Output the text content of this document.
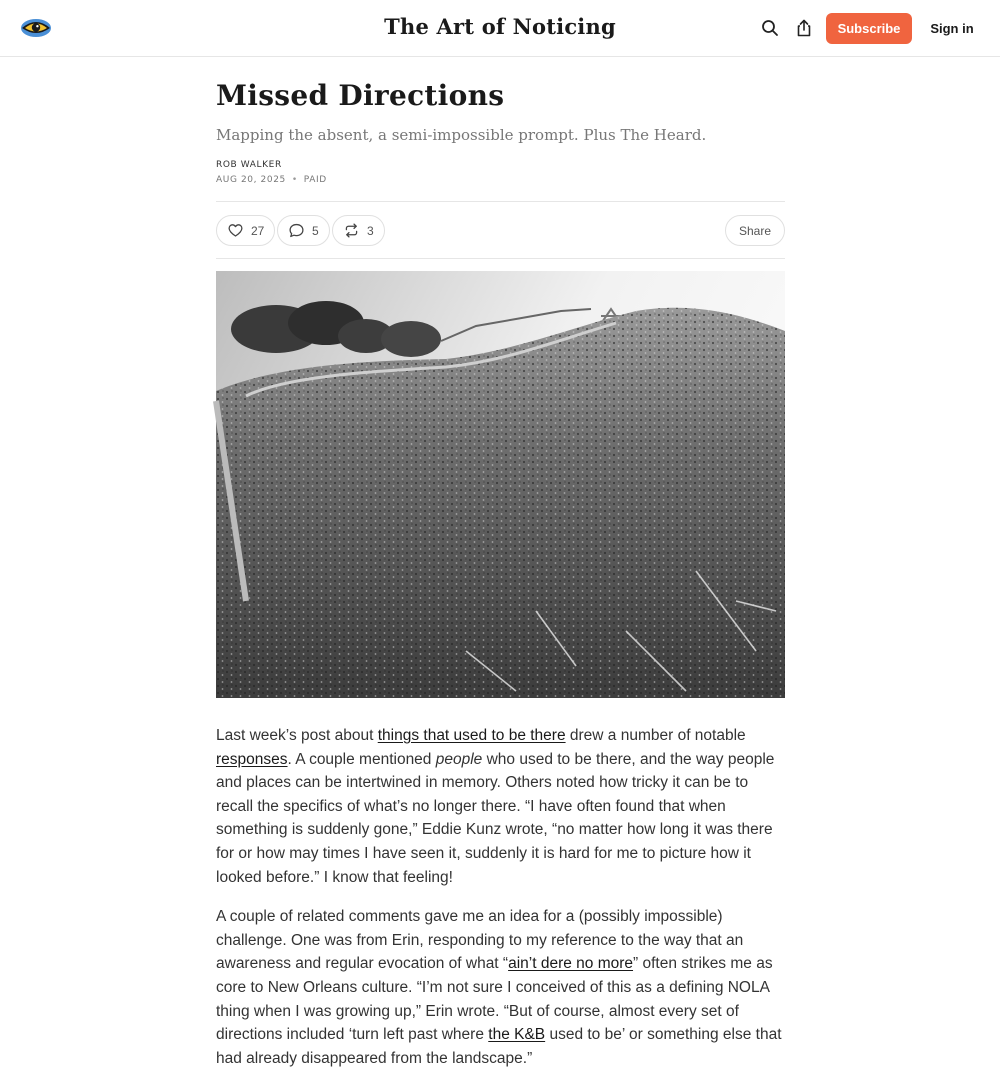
The Art of Noticing	Subscribe	Sign in
Missed Directions
Mapping the absent, a semi-impossible prompt. Plus The Heard.
ROB WALKER
AUG 20, 2025 • PAID
27	5	3	Share

Last week’s post about things that used to be there drew a number of notable responses. A couple mentioned people who used to be there, and the way people and places can be intertwined in memory. Others noted how tricky it can be to recall the specifics of what’s no longer there. “I have often found that when something is suddenly gone,” Eddie Kunz wrote, “no matter how long it was there for or how may times I have seen it, suddenly it is hard for me to picture how it looked before.” I know that feeling!

A couple of related comments gave me an idea for a (possibly impossible) challenge. One was from Erin, responding to my reference to the way that an awareness and regular evocation of what “ain’t dere no more” often strikes me as core to New Orleans culture. “I’m not sure I conceived of this as a defining NOLA thing when I was growing up,” Erin wrote. “But of course, almost every set of directions included ‘turn left past where the K&B used to be’ or something else that had already disappeared from the landscape.”
